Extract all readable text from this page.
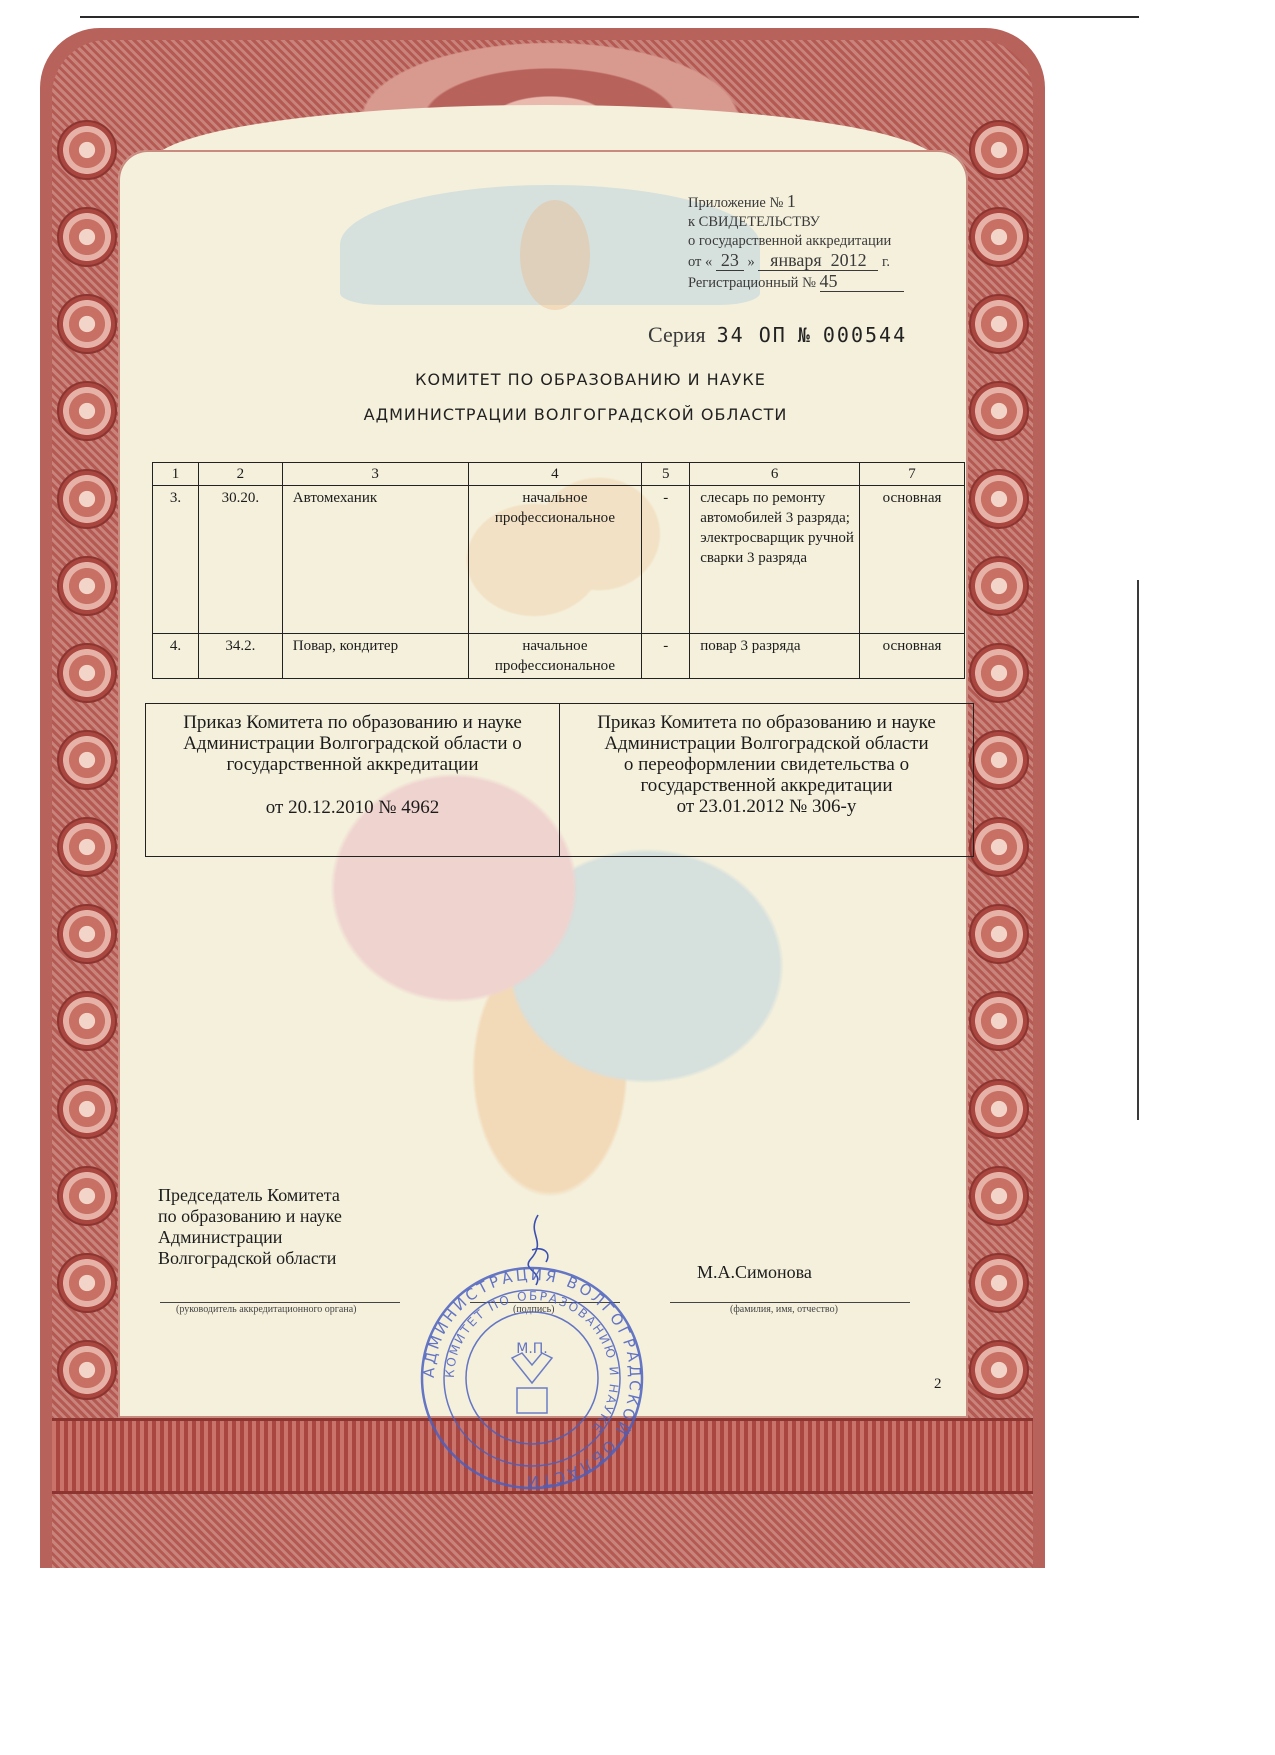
Приложение № 1
к СВИДЕТЕЛЬСТВУ
о государственной аккредитации
от « 23 » января 2012 г.
Регистрационный № 45
Серия 34 ОП № 000544
КОМИТЕТ ПО ОБРАЗОВАНИЮ И НАУКЕ
АДМИНИСТРАЦИИ ВОЛГОГРАДСКОЙ ОБЛАСТИ
1	2	3	4	5	6	7
3.	30.20.	Автомеханик	начальное профессиональное	-	слесарь по ремонту автомобилей 3 разряда; электросварщик ручной сварки 3 разряда	основная
4.	34.2.	Повар, кондитер	начальное профессиональное	-	повар 3 разряда	основная
Приказ Комитета по образованию и науке
Администрации Волгоградской области о
государственной аккредитации
от 20.12.2010 № 4962

Приказ Комитета по образованию и науке
Администрации Волгоградской области
о переоформлении свидетельства о
государственной аккредитации
от 23.01.2012 № 306-у
Председатель Комитета
по образованию и науке
Администрации
Волгоградской области
М.А.Симонова
(руководитель аккредитационного органа)	(подпись)	(фамилия, имя, отчество)
АДМИНИСТРАЦИЯ ВОЛГОГРАДСКОЙ ОБЛАСТИ
КОМИТЕТ ПО ОБРАЗОВАНИЮ И НАУКЕ
М.П.
2
